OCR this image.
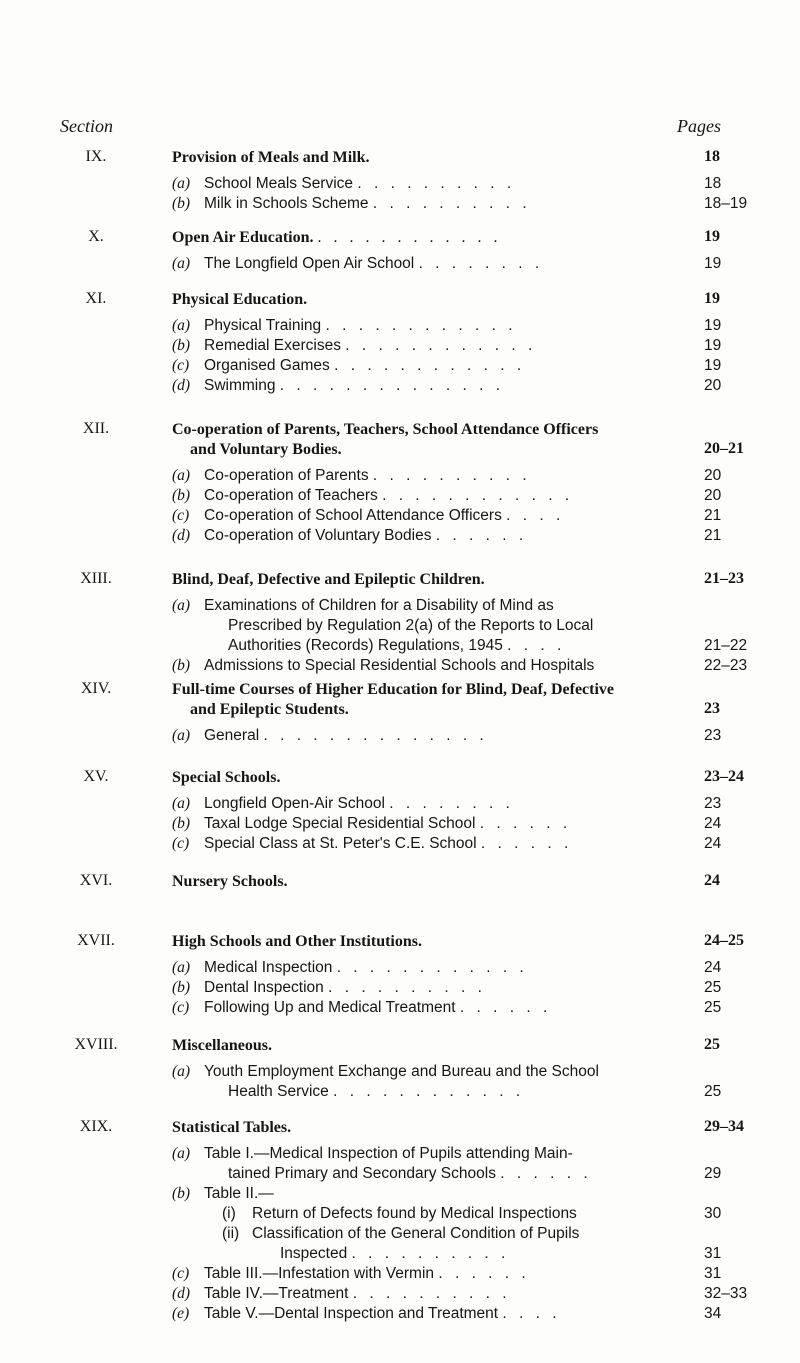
Section	Pages
IX.	Provision of Meals and Milk.	18
(a) School Meals Service . . . . . . . . . .	18
(b) Milk in Schools Scheme . . . . . . . . . .	18–19
X.	Open Air Education. . . . . . . . . . . . .	19
(a) The Longfield Open Air School . . . . . . . .	19
XI.	Physical Education.	19
(a) Physical Training . . . . . . . . . . . .	19
(b) Remedial Exercises . . . . . . . . . . . .	19
(c) Organised Games . . . . . . . . . . . .	19
(d) Swimming . . . . . . . . . . . . . .	20
XII.	Co-operation of Parents, Teachers, School Attendance Officers
and Voluntary Bodies.	20–21
(a) Co-operation of Parents . . . . . . . . . .	20
(b) Co-operation of Teachers . . . . . . . . . . . .	20
(c) Co-operation of School Attendance Officers . . . .	21
(d) Co-operation of Voluntary Bodies . . . . . .	21
XIII.	Blind, Deaf, Defective and Epileptic Children.	21–23
(a) Examinations of Children for a Disability of Mind as
Prescribed by Regulation 2(a) of the Reports to Local
Authorities (Records) Regulations, 1945 . . . .	21–22
(b) Admissions to Special Residential Schools and Hospitals	22–23
XIV.	Full-time Courses of Higher Education for Blind, Deaf, Defective
and Epileptic Students.	23
(a) General . . . . . . . . . . . . . .	23
XV.	Special Schools.	23–24
(a) Longfield Open-Air School . . . . . . . .	23
(b) Taxal Lodge Special Residential School . . . . . .	24
(c) Special Class at St. Peter's C.E. School . . . . . .	24
XVI.	Nursery Schools.	24
XVII.	High Schools and Other Institutions.	24–25
(a) Medical Inspection . . . . . . . . . . . .	24
(b) Dental Inspection . . . . . . . . . .	25
(c) Following Up and Medical Treatment . . . . . .	25
XVIII.	Miscellaneous.	25
(a) Youth Employment Exchange and Bureau and the School
Health Service . . . . . . . . . . . .	25
XIX.	Statistical Tables.	29–34
(a) Table I.—Medical Inspection of Pupils attending Main-
tained Primary and Secondary Schools . . . . . .	29
(b) Table II.—
(i)	Return of Defects found by Medical Inspections	30
(ii) Classification of the General Condition of Pupils
Inspected . . . . . . . . . .	31
(c) Table III.—Infestation with Vermin . . . . . .	31
(d) Table IV.—Treatment . . . . . . . . . .	32–33
(e) Table V.—Dental Inspection and Treatment . . . .	34
